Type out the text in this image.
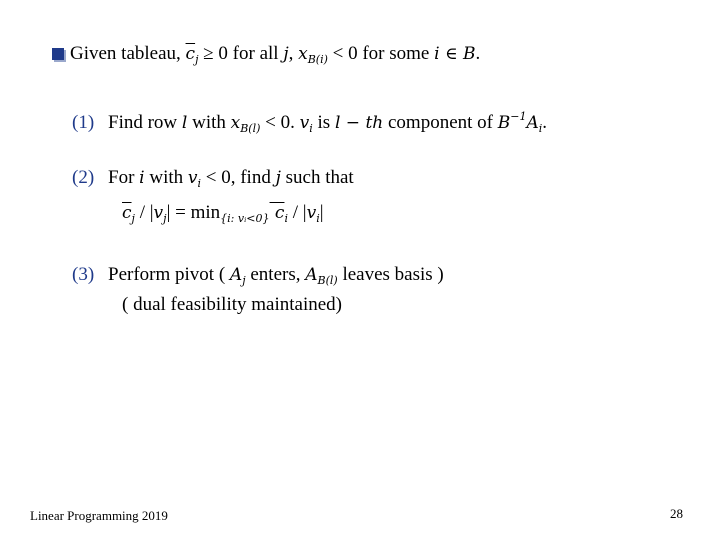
Given tableau, $\overline{c}_j \ge 0$ for all j, $x_{B(i)} < 0$ for some i ∈ B.
(1) Find row l with $x_{B(l)} < 0$. $v_i$ is l − th component of $B^{-1}A_i$.
(2) For i with $v_i < 0$, find j such that
$\overline{c}_j / |v_j| = \min_{\{i: vᵢ<0\}} c_i / |v_i|$
(3) Perform pivot ( $A_j$ enters, $A_{B(l)}$ leaves basis )
( dual feasibility maintained)
Linear Programming 2019	28
